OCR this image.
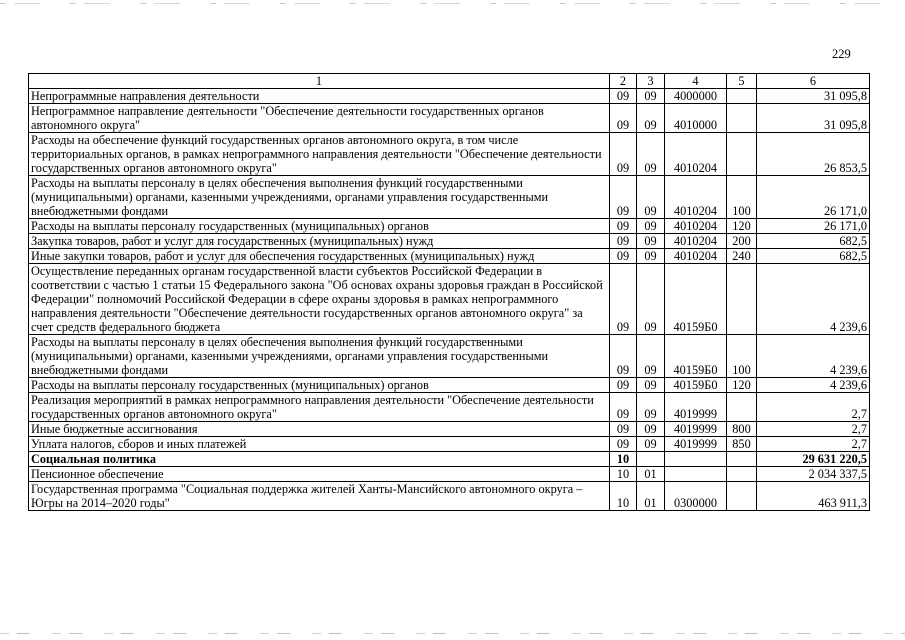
229
1	2	3	4	5	6
Непрограммные направления деятельности	09	09	4000000		31 095,8
Непрограммное направление деятельности "Обеспечение деятельности государственных органов автономного округа"	09	09	4010000		31 095,8
Расходы на обеспечение функций государственных органов автономного округа, в том числе территориальных органов, в рамках непрограммного направления деятельности "Обеспечение деятельности государственных органов автономного округа"	09	09	4010204		26 853,5
Расходы на выплаты персоналу в целях обеспечения выполнения функций государственными (муниципальными) органами, казенными учреждениями, органами управления государственными внебюджетными фондами	09	09	4010204	100	26 171,0
Расходы на выплаты персоналу государственных (муниципальных) органов	09	09	4010204	120	26 171,0
Закупка товаров, работ и услуг для государственных (муниципальных) нужд	09	09	4010204	200	682,5
Иные закупки товаров, работ и услуг для обеспечения государственных (муниципальных) нужд	09	09	4010204	240	682,5
Осуществление переданных органам государственной власти субъектов Российской Федерации в соответствии с частью 1 статьи 15 Федерального закона "Об основах охраны здоровья граждан в Российской Федерации" полномочий Российской Федерации в сфере охраны здоровья в рамках непрограммного направления деятельности "Обеспечение деятельности государственных органов автономного округа" за счет средств федерального бюджета	09	09	40159Б0		4 239,6
Расходы на выплаты персоналу в целях обеспечения выполнения функций государственными (муниципальными) органами, казенными учреждениями, органами управления государственными внебюджетными фондами	09	09	40159Б0	100	4 239,6
Расходы на выплаты персоналу государственных (муниципальных) органов	09	09	40159Б0	120	4 239,6
Реализация мероприятий в рамках непрограммного направления деятельности "Обеспечение деятельности государственных органов автономного округа"	09	09	4019999		2,7
Иные бюджетные ассигнования	09	09	4019999	800	2,7
Уплата налогов, сборов и иных платежей	09	09	4019999	850	2,7
Социальная политика	10				29 631 220,5
Пенсионное обеспечение	10	01			2 034 337,5
Государственная программа "Социальная поддержка жителей Ханты-Мансийского автономного округа – Югры на 2014–2020 годы"	10	01	0300000		463 911,3
